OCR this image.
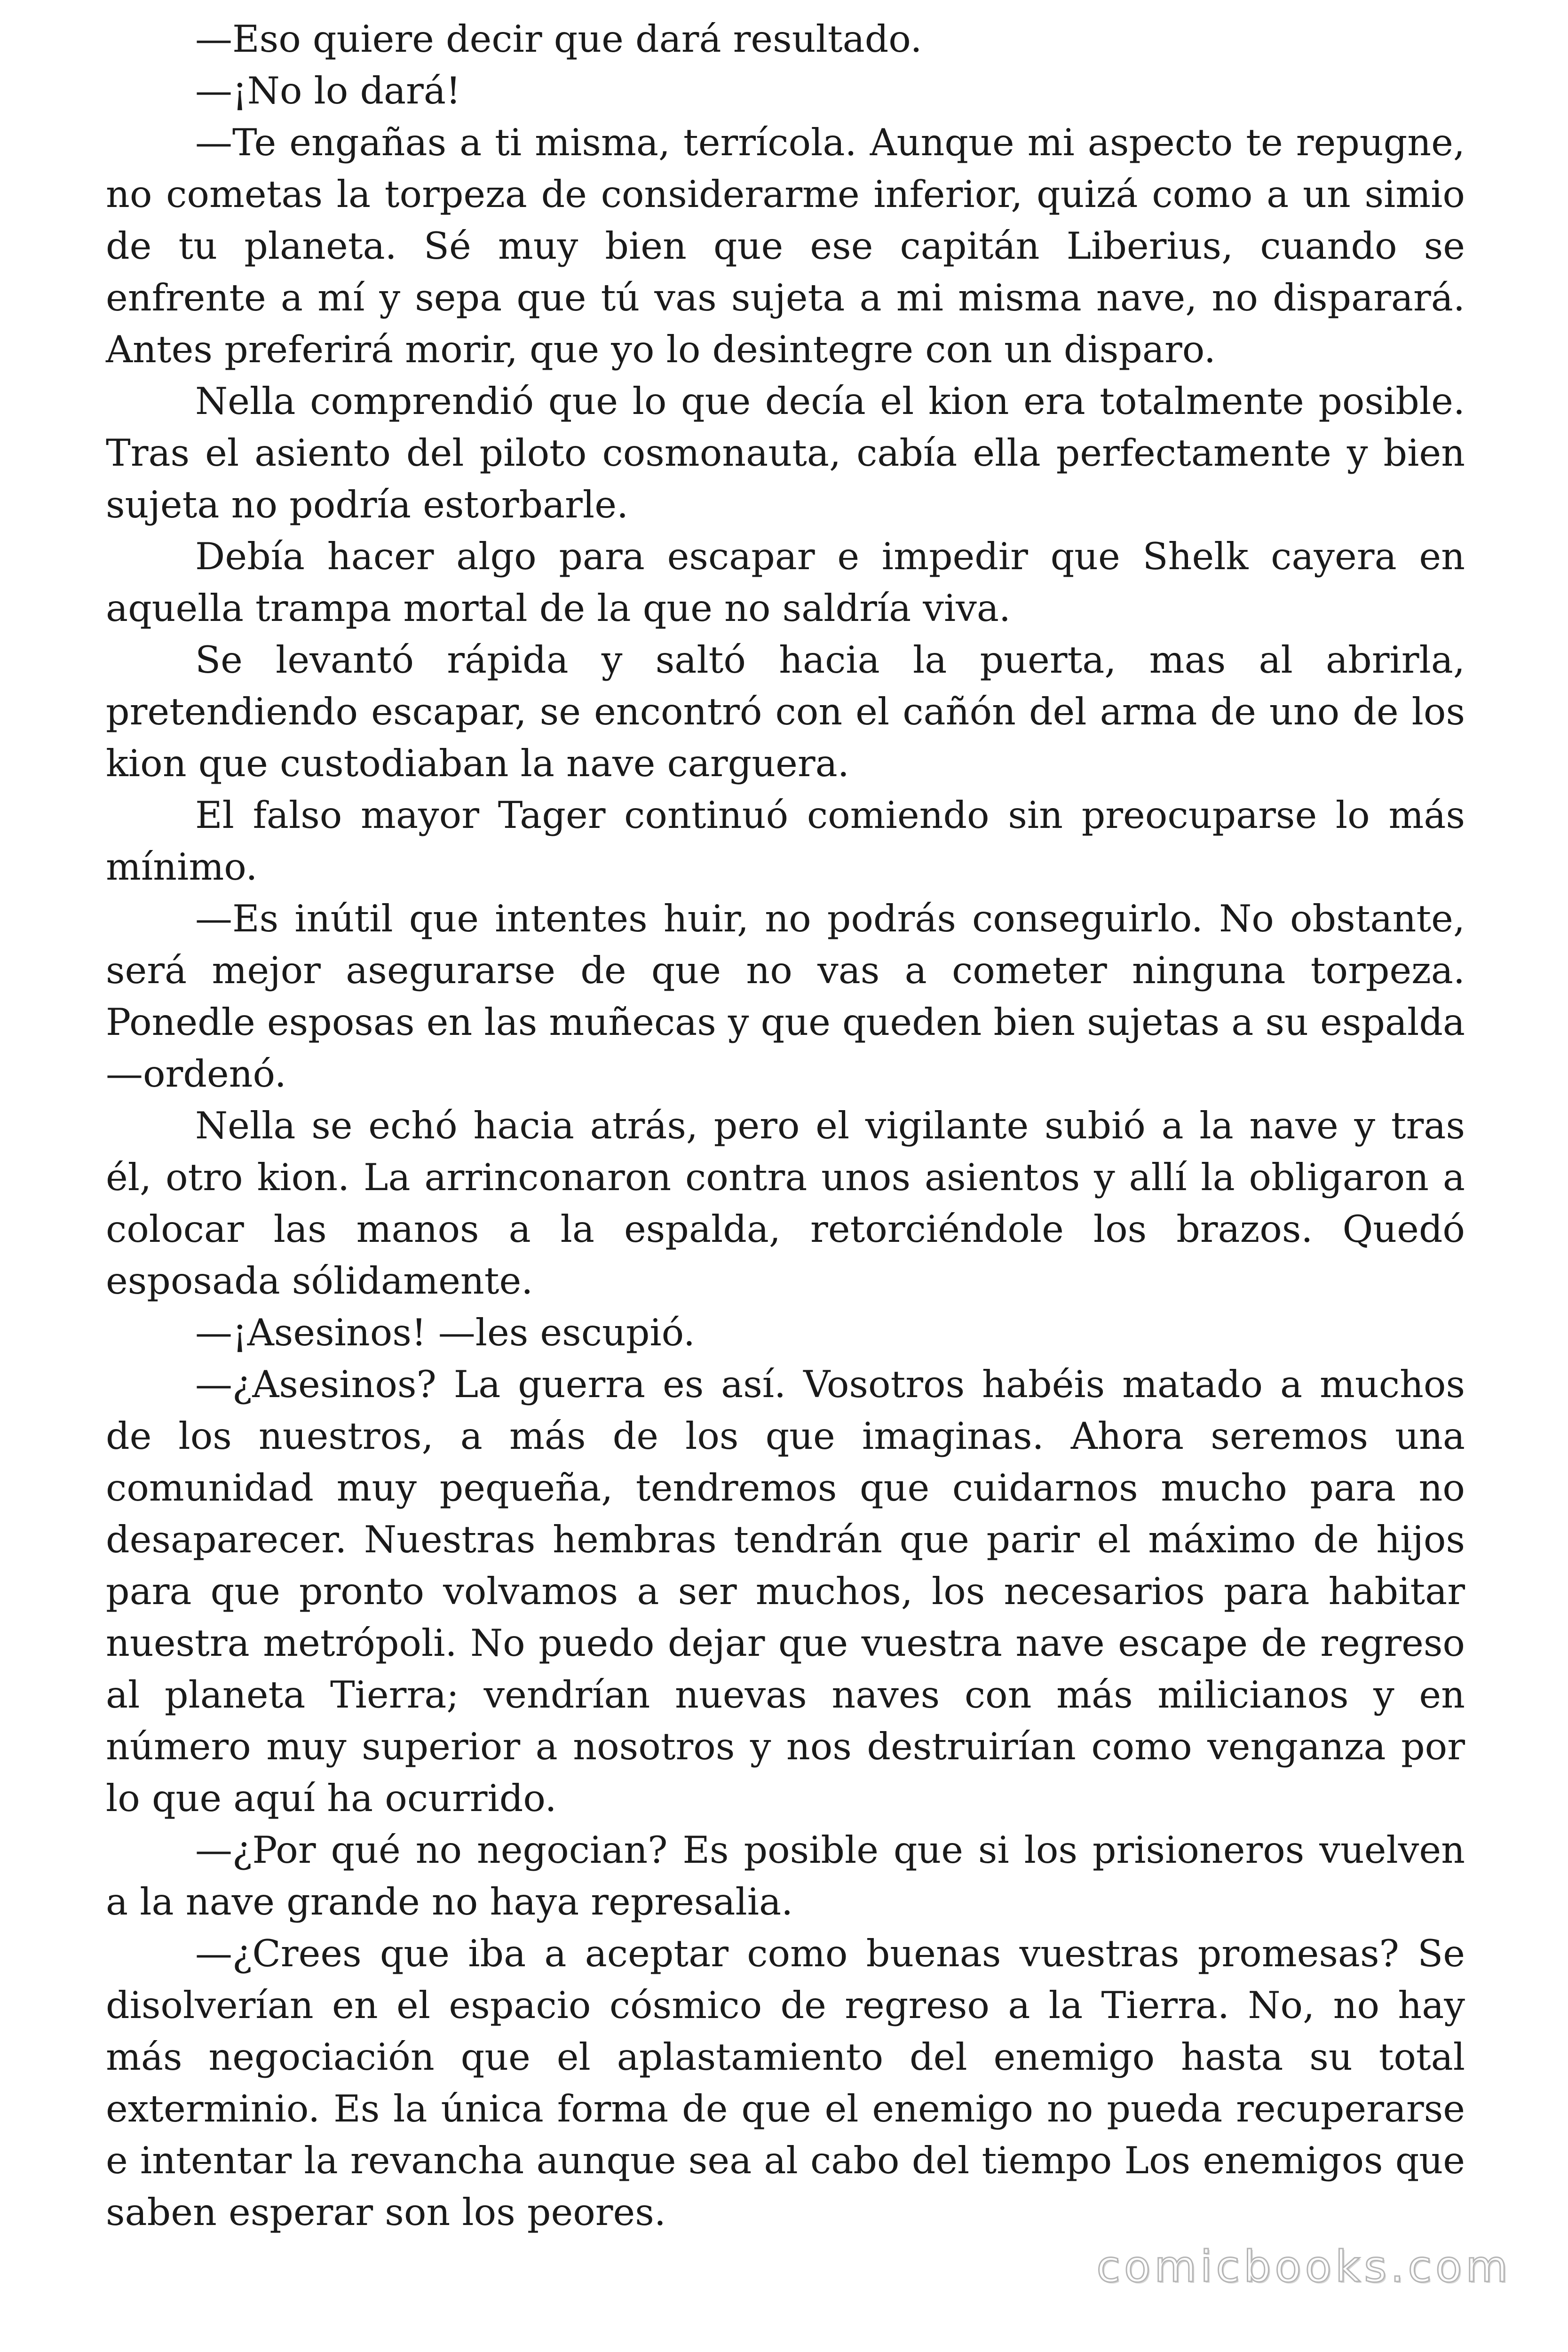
—Eso quiere decir que dará resultado.

—¡No lo dará!

—Te engañas a ti misma, terrícola. Aunque mi aspecto te repugne, no cometas la torpeza de considerarme inferior, quizá como a un simio de tu planeta. Sé muy bien que ese capitán Liberius, cuando se enfrente a mí y sepa que tú vas sujeta a mi misma nave, no disparará. Antes preferirá morir, que yo lo desintegre con un disparo.

Nella comprendió que lo que decía el kion era totalmente posible. Tras el asiento del piloto cosmonauta, cabía ella perfectamente y bien sujeta no podría estorbarle.

Debía hacer algo para escapar e impedir que Shelk cayera en aquella trampa mortal de la que no saldría viva.

Se levantó rápida y saltó hacia la puerta, mas al abrirla, pretendiendo escapar, se encontró con el cañón del arma de uno de los kion que custodiaban la nave carguera.

El falso mayor Tager continuó comiendo sin preocuparse lo más mínimo.

—Es inútil que intentes huir, no podrás conseguirlo. No obstante, será mejor asegurarse de que no vas a cometer ninguna torpeza. Ponedle esposas en las muñecas y que queden bien sujetas a su espalda —ordenó.

Nella se echó hacia atrás, pero el vigilante subió a la nave y tras él, otro kion. La arrinconaron contra unos asientos y allí la obligaron a colocar las manos a la espalda, retorciéndole los brazos. Quedó esposada sólidamente.

—¡Asesinos! —les escupió.

—¿Asesinos? La guerra es así. Vosotros habéis matado a muchos de los nuestros, a más de los que imaginas. Ahora seremos una comunidad muy pequeña, tendremos que cuidarnos mucho para no desaparecer. Nuestras hembras tendrán que parir el máximo de hijos para que pronto volvamos a ser muchos, los necesarios para habitar nuestra metrópoli. No puedo dejar que vuestra nave escape de regreso al planeta Tierra; vendrían nuevas naves con más milicianos y en número muy superior a nosotros y nos destruirían como venganza por lo que aquí ha ocurrido.

—¿Por qué no negocian? Es posible que si los prisioneros vuelven a la nave grande no haya represalia.

—¿Crees que iba a aceptar como buenas vuestras promesas? Se disolverían en el espacio cósmico de regreso a la Tierra. No, no hay más negociación que el aplastamiento del enemigo hasta su total exterminio. Es la única forma de que el enemigo no pueda recuperarse e intentar la revancha aunque sea al cabo del tiempo Los enemigos que saben esperar son los peores.

comicbooks.com
